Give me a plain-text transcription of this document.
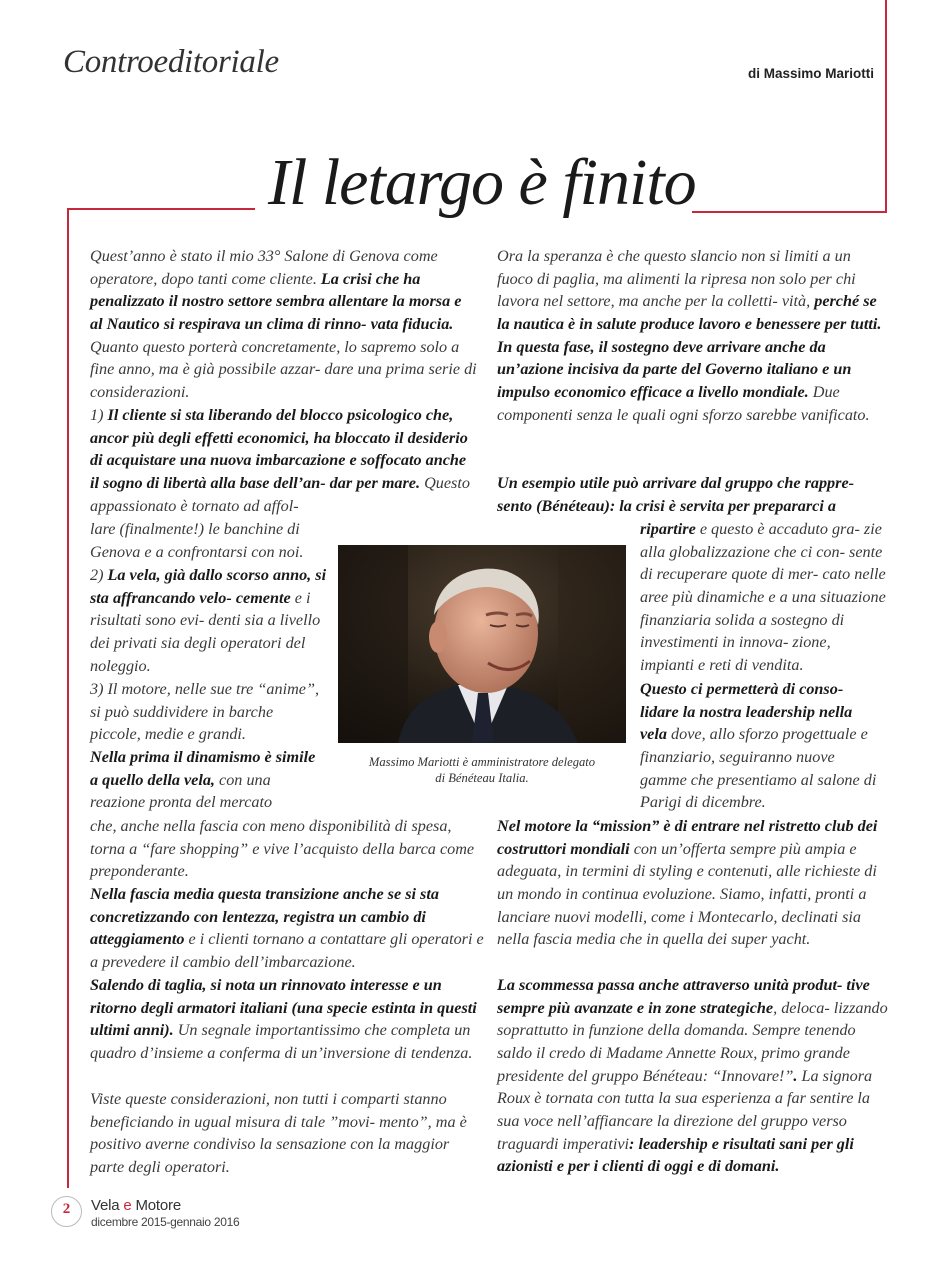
Controeditoriale	di Massimo Mariotti
Il letargo è finito

Quest’anno è stato il mio 33° Salone di Genova come operatore, dopo tanti come cliente. La crisi che ha penalizzato il nostro settore sembra allentare la morsa e al Nautico si respirava un clima di rinno- vata fiducia. Quanto questo porterà concretamente, lo sapremo solo a fine anno, ma è già possibile azzar- dare una prima serie di considerazioni.

1) Il cliente si sta liberando del blocco psicologico che, ancor più degli effetti economici, ha bloccato il desiderio di acquistare una nuova imbarcazione e soffocato anche il sogno di libertà alla base dell’an- dar per mare. Questo appassionato è tornato ad affol-

lare (finalmente!) le banchine di Genova e a confrontarsi con noi.

2) La vela, già dallo scorso anno, si sta affrancando velo- cemente e i risultati sono evi- denti sia a livello dei privati sia degli operatori del noleggio.

3) Il motore, nelle sue tre “anime”, si può suddividere in barche piccole, medie e grandi.

Nella prima il dinamismo è simile a quello della vela, con una reazione pronta del mercato

che, anche nella fascia con meno disponibilità di spesa, torna a “fare shopping” e vive l’acquisto della barca come preponderante.

Nella fascia media questa transizione anche se si sta concretizzando con lentezza, registra un cambio di atteggiamento e i clienti tornano a contattare gli operatori e a prevedere il cambio dell’imbarcazione.

Salendo di taglia, si nota un rinnovato interesse e un ritorno degli armatori italiani (una specie estinta in questi ultimi anni). Un segnale importantissimo che completa un quadro d’insieme a conferma di un’inversione di tendenza.

Viste queste considerazioni, non tutti i comparti stanno beneficiando in ugual misura di tale ”movi- mento”, ma è positivo averne condiviso la sensazione con la maggior parte degli operatori.

Massimo Mariotti è amministratore delegato
di Bénéteau Italia.

Ora la speranza è che questo slancio non si limiti a un fuoco di paglia, ma alimenti la ripresa non solo per chi lavora nel settore, ma anche per la colletti- vità, perché se la nautica è in salute produce lavoro e benessere per tutti. In questa fase, il sostegno deve arrivare anche da un’azione incisiva da parte del Governo italiano e un impulso economico efficace a livello mondiale. Due componenti senza le quali ogni sforzo sarebbe vanificato.

Un esempio utile può arrivare dal gruppo che rappre- sento (Bénéteau): la crisi è servita per prepararci a

ripartire e questo è accaduto gra- zie alla globalizzazione che ci con- sente di recuperare quote di mer- cato nelle aree più dinamiche e a una situazione finanziaria solida a sostegno di investimenti in innova- zione, impianti e reti di vendita.

Questo ci permetterà di conso- lidare la nostra leadership nella vela dove, allo sforzo progettuale e finanziario, seguiranno nuove gamme che presentiamo al salone di Parigi di dicembre.

Nel motore la “mission” è di entrare nel ristretto club dei costruttori mondiali con un’offerta sempre più ampia e adeguata, in termini di styling e contenuti, alle richieste di un mondo in continua evoluzione. Siamo, infatti, pronti a lanciare nuovi modelli, come i Montecarlo, declinati sia nella fascia media che in quella dei super yacht.

La scommessa passa anche attraverso unità produt- tive sempre più avanzate e in zone strategiche, deloca- lizzando soprattutto in funzione della domanda. Sempre tenendo saldo il credo di Madame Annette Roux, primo grande presidente del gruppo Bénéteau: “Innovare!”. La signora Roux è tornata con tutta la sua esperienza a far sentire la sua voce nell’affiancare la direzione del gruppo verso traguardi imperativi: leadership e risultati sani per gli azionisti e per i clienti di oggi e di domani.

2	Vela e Motore
dicembre 2015-gennaio 2016
